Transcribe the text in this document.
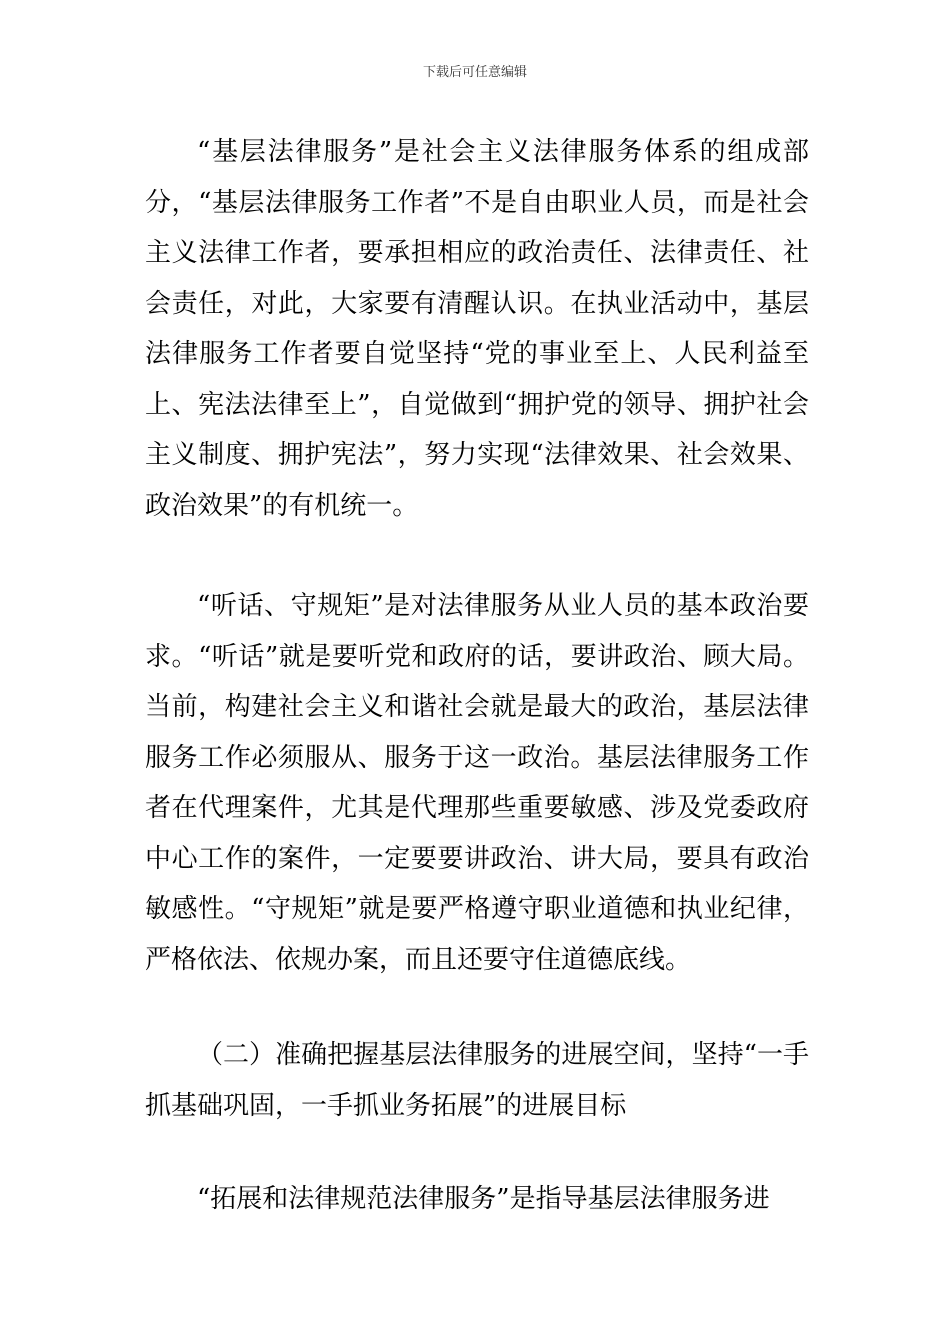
下载后可任意编辑

“基层法律服务”是社会主义法律服务体系的组成部分，“基层法律服务工作者”不是自由职业人员，而是社会主义法律工作者，要承担相应的政治责任、法律责任、社会责任，对此，大家要有清醒认识。在执业活动中，基层法律服务工作者要自觉坚持“党的事业至上、人民利益至上、宪法法律至上”，自觉做到“拥护党的领导、拥护社会主义制度、拥护宪法”，努力实现“法律效果、社会效果、政治效果”的有机统一。

“听话、守规矩”是对法律服务从业人员的基本政治要求。“听话”就是要听党和政府的话，要讲政治、顾大局。当前，构建社会主义和谐社会就是最大的政治，基层法律服务工作必须服从、服务于这一政治。基层法律服务工作者在代理案件，尤其是代理那些重要敏感、涉及党委政府中心工作的案件，一定要要讲政治、讲大局，要具有政治敏感性。“守规矩”就是要严格遵守职业道德和执业纪律，严格依法、依规办案，而且还要守住道德底线。

（二）准确把握基层法律服务的进展空间，坚持“一手抓基础巩固，一手抓业务拓展”的进展目标

“拓展和法律规范法律服务”是指导基层法律服务进
